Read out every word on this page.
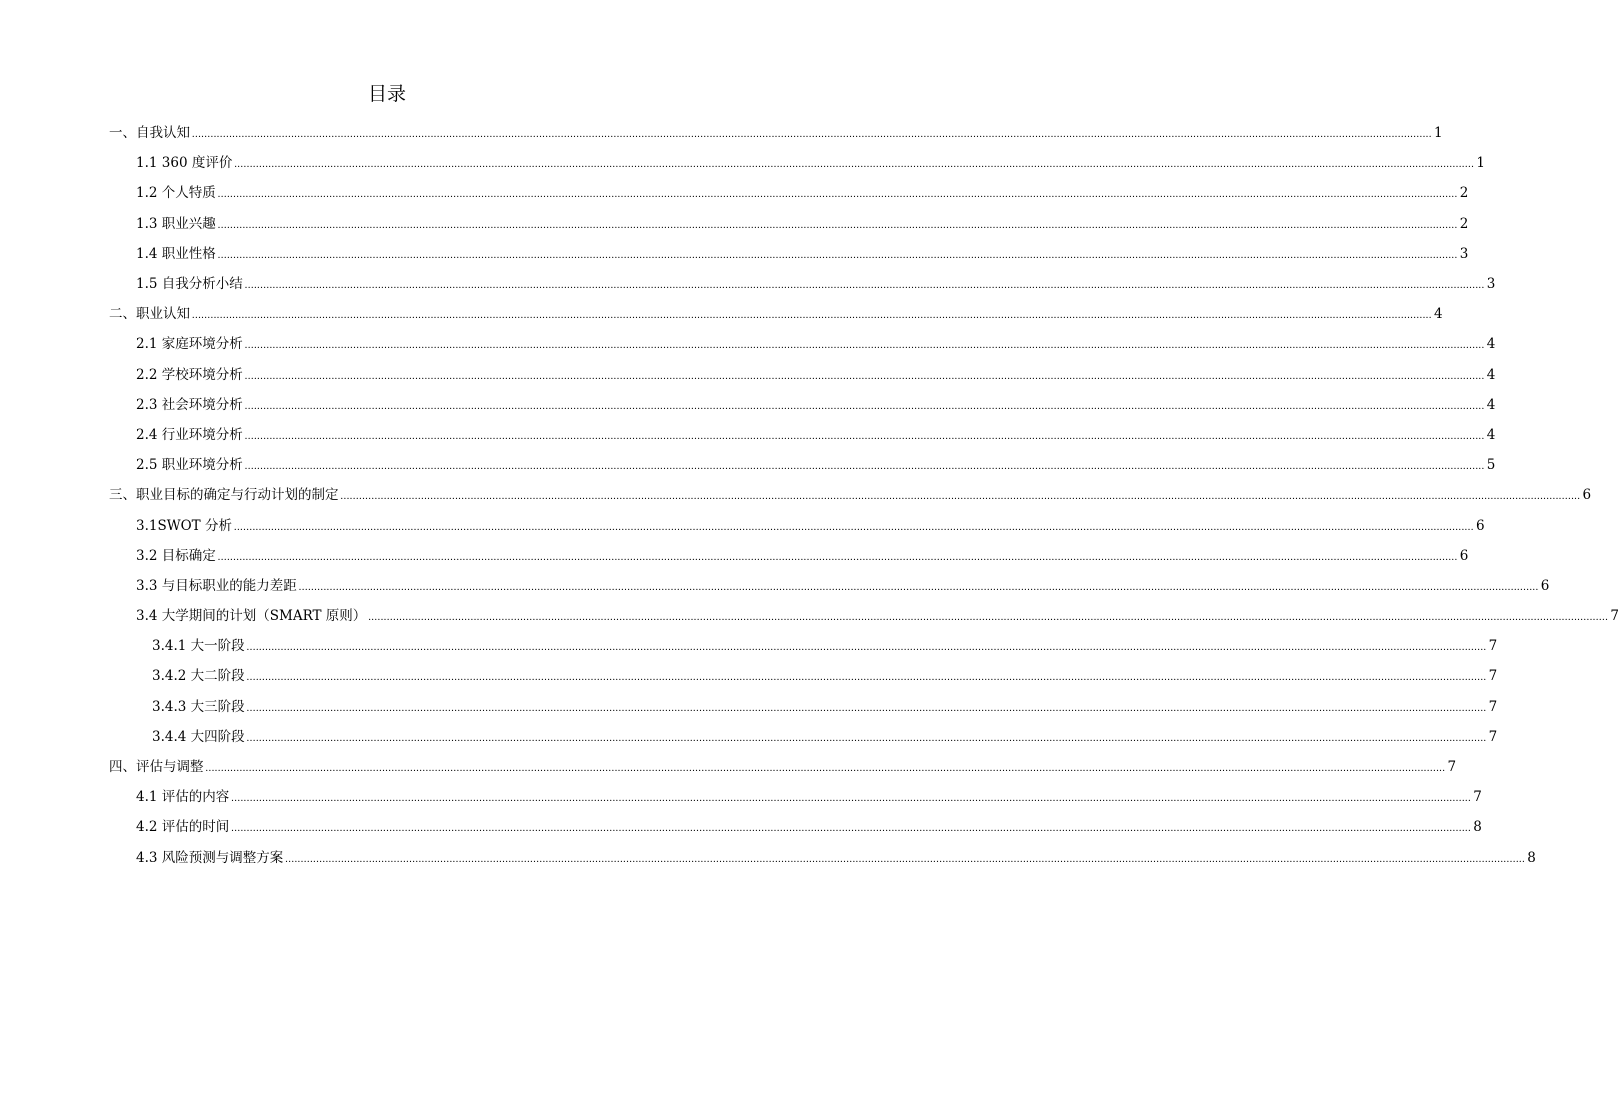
目录
一、自我认知 ................................................................................................................................................................................................................................................................................................................................................................................................................ 1
1.1 360 度评价 ................................................................................................................................................................................................................................................................................................................................................................................................................ 1
1.2 个人特质 ................................................................................................................................................................................................................................................................................................................................................................................................................ 2
1.3 职业兴趣 ................................................................................................................................................................................................................................................................................................................................................................................................................ 2
1.4 职业性格 ................................................................................................................................................................................................................................................................................................................................................................................................................ 3
1.5 自我分析小结 ................................................................................................................................................................................................................................................................................................................................................................................................................ 3
二、职业认知 ................................................................................................................................................................................................................................................................................................................................................................................................................ 4
2.1 家庭环境分析 ................................................................................................................................................................................................................................................................................................................................................................................................................ 4
2.2 学校环境分析 ................................................................................................................................................................................................................................................................................................................................................................................................................ 4
2.3 社会环境分析 ................................................................................................................................................................................................................................................................................................................................................................................................................ 4
2.4 行业环境分析 ................................................................................................................................................................................................................................................................................................................................................................................................................ 4
2.5 职业环境分析 ................................................................................................................................................................................................................................................................................................................................................................................................................ 5
三、职业目标的确定与行动计划的制定 ................................................................................................................................................................................................................................................................................................................................................................................................................ 6
3.1SWOT 分析 ................................................................................................................................................................................................................................................................................................................................................................................................................ 6
3.2 目标确定 ................................................................................................................................................................................................................................................................................................................................................................................................................ 6
3.3 与目标职业的能力差距 ................................................................................................................................................................................................................................................................................................................................................................................................................ 6
3.4 大学期间的计划（SMART 原则） ................................................................................................................................................................................................................................................................................................................................................................................................................ 7
3.4.1 大一阶段 ................................................................................................................................................................................................................................................................................................................................................................................................................ 7
3.4.2 大二阶段 ................................................................................................................................................................................................................................................................................................................................................................................................................ 7
3.4.3 大三阶段 ................................................................................................................................................................................................................................................................................................................................................................................................................ 7
3.4.4 大四阶段 ................................................................................................................................................................................................................................................................................................................................................................................................................ 7
四、评估与调整 ................................................................................................................................................................................................................................................................................................................................................................................................................ 7
4.1 评估的内容 ................................................................................................................................................................................................................................................................................................................................................................................................................ 7
4.2 评估的时间 ................................................................................................................................................................................................................................................................................................................................................................................................................ 8
4.3 风险预测与调整方案 ................................................................................................................................................................................................................................................................................................................................................................................................................ 8
